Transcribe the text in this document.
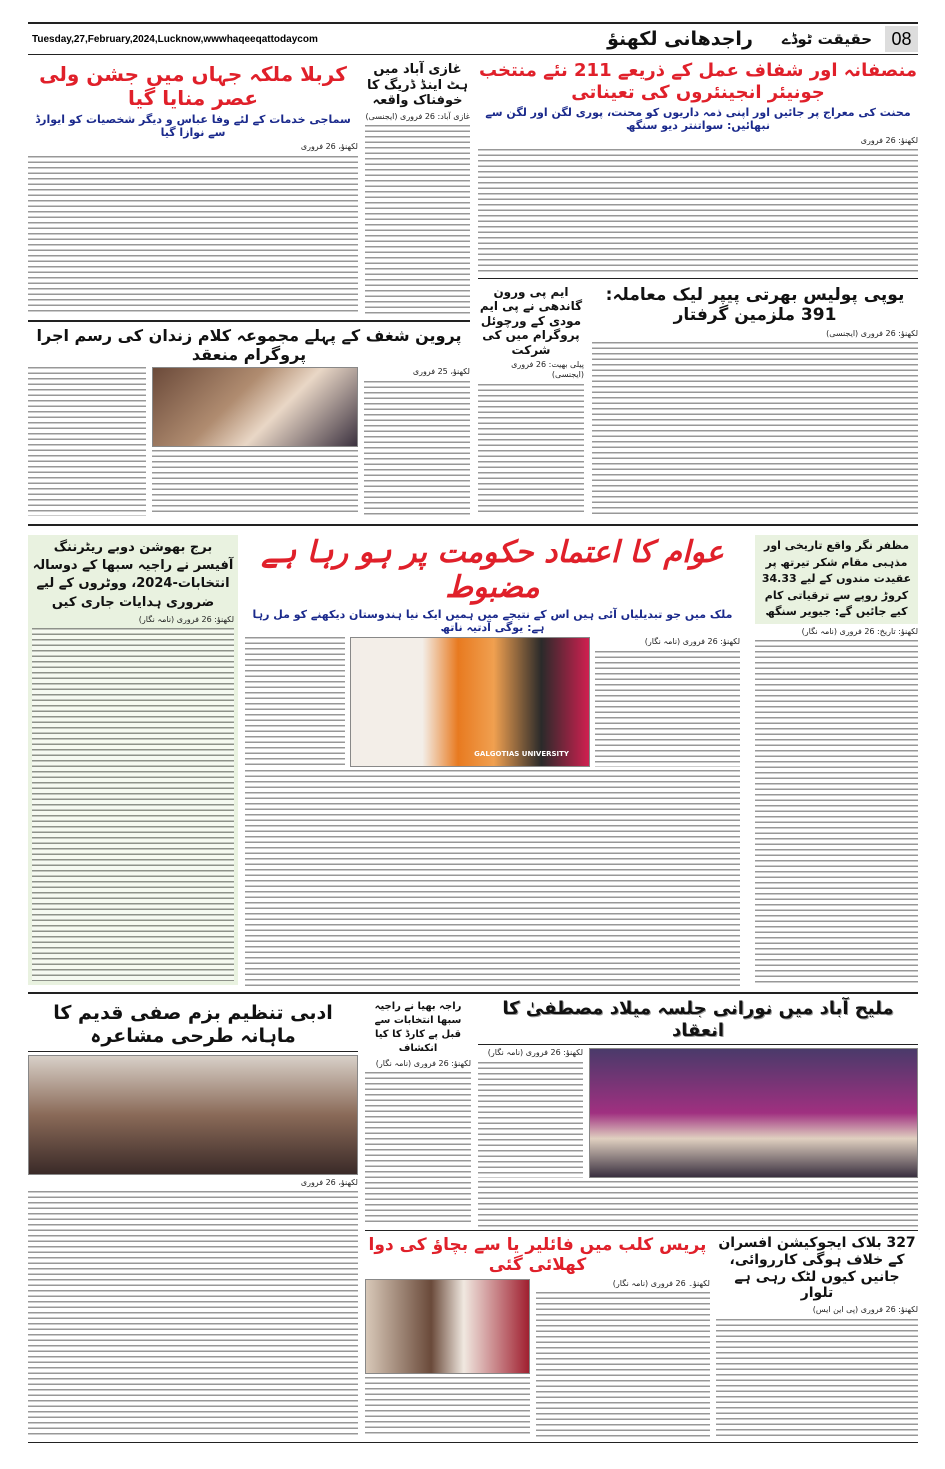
Tuesday,27,February,2024,Lucknow,wwwhaqeeqattodaycom	راجدھانی لکھنؤ	حقیقت ٹوڈے	08
منصفانہ اور شفاف عمل کے ذریعے 211 نئے منتخب جونیئر انجینئروں کی تعیناتی
محنت کی معراج پر جائیں اور اپنی ذمہ داریوں کو محنت، پوری لگن اور لگن سے نبھائیں: سواتنتر دیو سنگھ
لکھنؤ: 26 فروری
غازی آباد میں ہٹ اینڈ ڈریگ کا خوفناک واقعہ
غازی آباد: 26 فروری (ایجنسی)
کربلا ملکہ جہاں میں جشن ولی عصر منایا گیا
سماجی خدمات کے لئے وفا عباس و دیگر شخصیات کو ایوارڈ سے نوازا گیا
لکھنؤ، 26 فروری
یوپی پولیس بھرتی پیپر لیک معاملہ: 391 ملزمین گرفتار
لکھنؤ: 26 فروری (ایجنسی)
ایم پی ورون گاندھی نے پی ایم مودی کے ورچوئل پروگرام میں کی شرکت
پیلی بھیت: 26 فروری (ایجنسی)
پروین شغف کے پہلے مجموعہ کلام زندان کی رسم اجرا پروگرام منعقد
لکھنؤ، 25 فروری
برج بھوشن دوبے ریٹرننگ آفیسر نے راجیہ سبھا کے دوسالہ انتخابات-2024، ووٹروں کے لیے ضروری ہدایات جاری کیں
لکھنؤ: 26 فروری (نامہ نگار)
عوام کا اعتماد حکومت پر ہو رہا ہے مضبوط
ملک میں جو تبدیلیاں آئی ہیں اس کے نتیجے میں ہمیں ایک نیا ہندوستان دیکھنے کو مل رہا ہے: یوگی آدتیہ ناتھ
GALGOTIAS UNIVERSITY
لکھنؤ: 26 فروری (نامہ نگار)
مظفر نگر واقع تاریخی اور مذہبی مقام شکر تیرتھ پر عقیدت مندوں کے لیے 34.33 کروڑ روپے سے ترقیاتی کام کیے جائیں گے: جیویر سنگھ
لکھنؤ: تاریخ: 26 فروری (نامہ نگار)
ملیح آباد میں نورانی جلسہ میلاد مصطفیٰ کا انعقاد
لکھنؤ: 26 فروری (نامہ نگار)
راجہ بھیا نے راجیہ سبھا انتخابات سے قبل پے کارڈ کا کیا انکشاف
لکھنؤ: 26 فروری (نامہ نگار)
ادبی تنظیم بزم صفی قدیم کا ماہانہ طرحی مشاعرہ
لکھنؤ، 26 فروری
327 بلاک ایجوکیشن افسران کے خلاف ہوگی کارروائی، جانیں کیوں لٹک رہی ہے تلوار
لکھنؤ: 26 فروری (پی این ایس)
پریس کلب میں فائلیر یا سے بچاؤ کی دوا کھلائی گئی
لکھنؤ۔ 26 فروری (نامہ نگار)
